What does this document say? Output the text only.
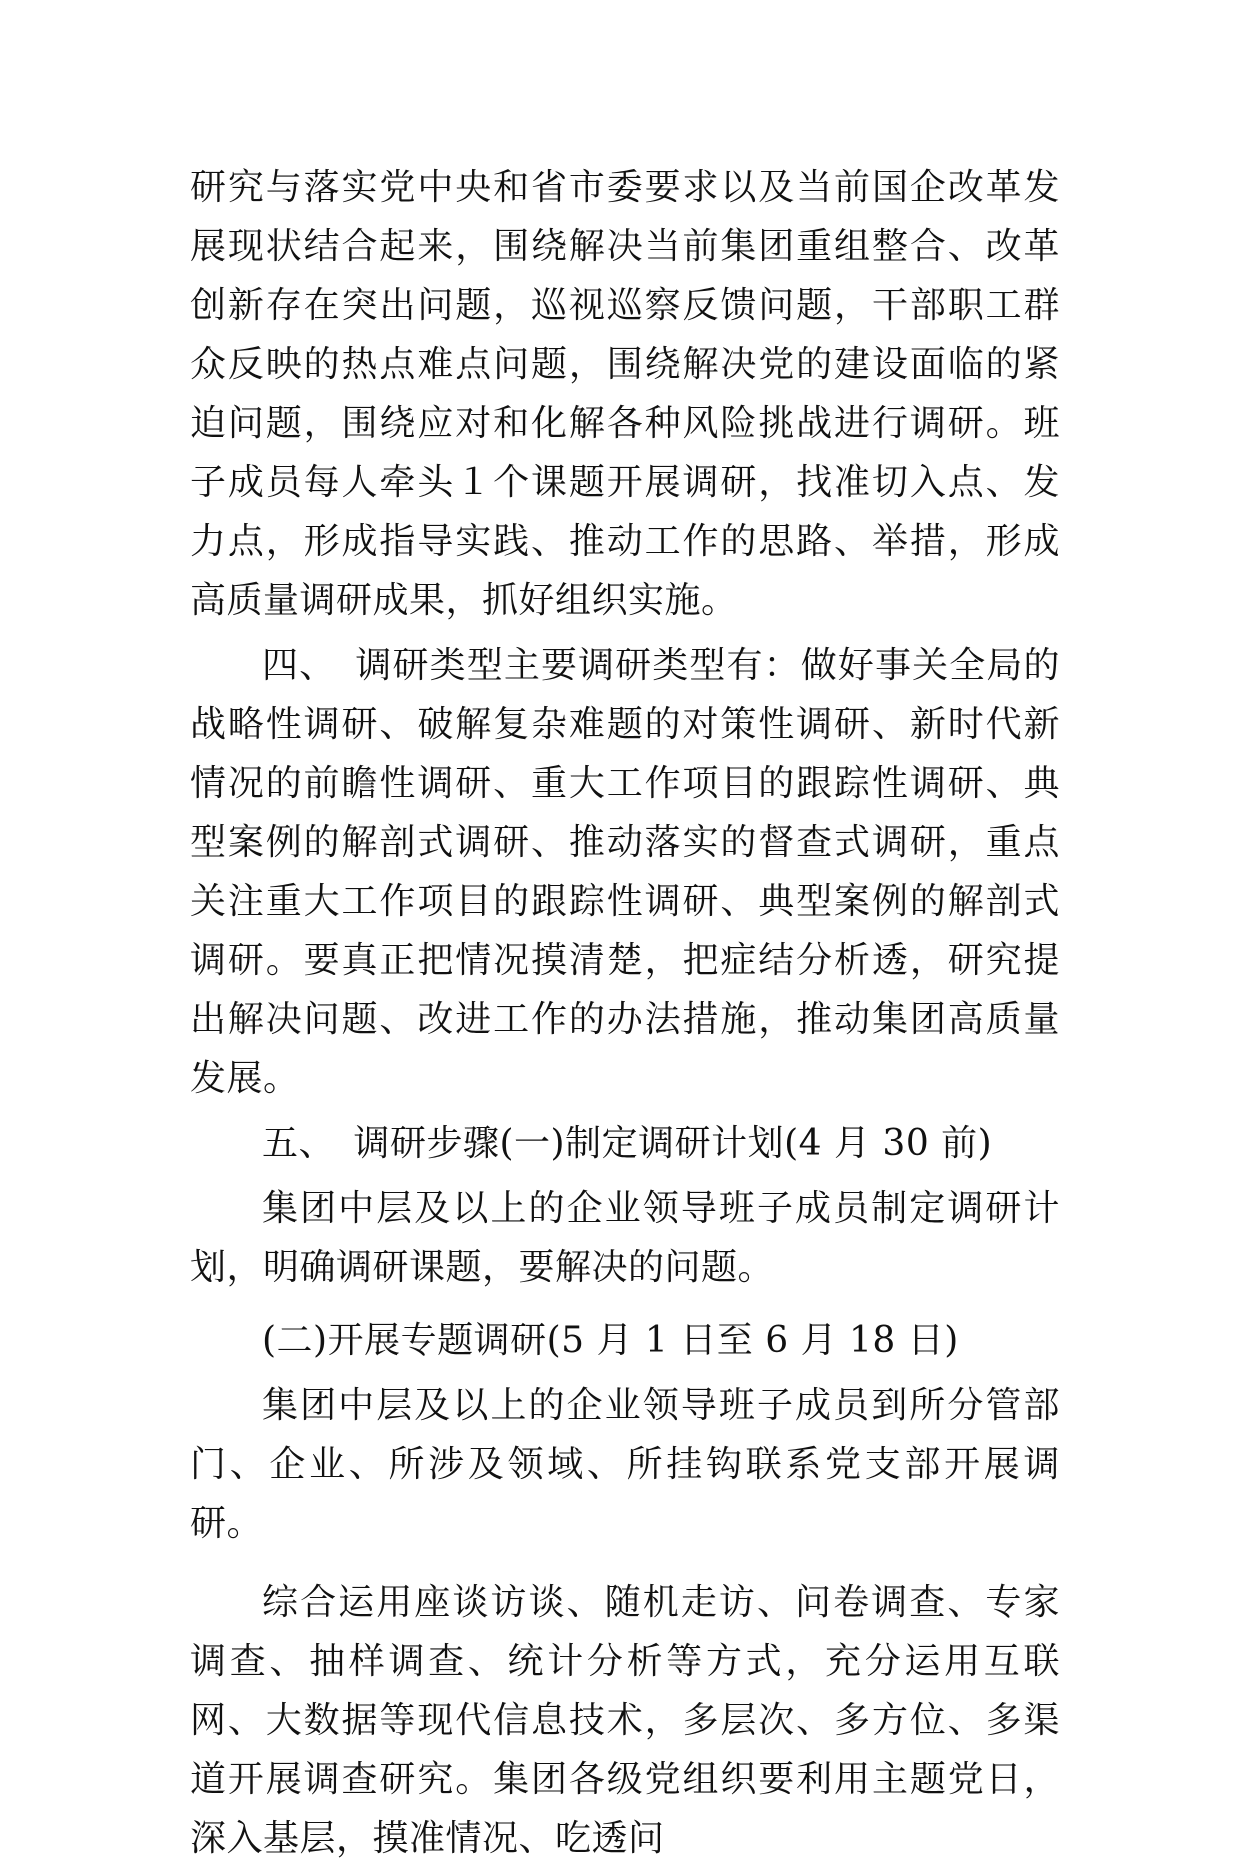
研究与落实党中央和省市委要求以及当前国企改革发展现状结合起来，围绕解决当前集团重组整合、改革创新存在突出问题，巡视巡察反馈问题，干部职工群众反映的热点难点问题，围绕解决党的建设面临的紧迫问题，围绕应对和化解各种风险挑战进行调研。班子成员每人牵头１个课题开展调研，找准切入点、发力点，形成指导实践、推动工作的思路、举措，形成高质量调研成果，抓好组织实施。

四、　调研类型主要调研类型有：做好事关全局的战略性调研、破解复杂难题的对策性调研、新时代新情况的前瞻性调研、重大工作项目的跟踪性调研、典型案例的解剖式调研、推动落实的督查式调研，重点关注重大工作项目的跟踪性调研、典型案例的解剖式调研。要真正把情况摸清楚，把症结分析透，研究提出解决问题、改进工作的办法措施，推动集团高质量发展。

五、　调研步骤(一)制定调研计划(4 月 30 前)

集团中层及以上的企业领导班子成员制定调研计划，明确调研课题，要解决的问题。

(二)开展专题调研(5 月 1 日至 6 月 18 日)

集团中层及以上的企业领导班子成员到所分管部门、企业、所涉及领域、所挂钩联系党支部开展调研。

综合运用座谈访谈、随机走访、问卷调查、专家调查、抽样调查、统计分析等方式，充分运用互联网、大数据等现代信息技术，多层次、多方位、多渠道开展调查研究。集团各级党组织要利用主题党日，深入基层，摸准情况、吃透问
